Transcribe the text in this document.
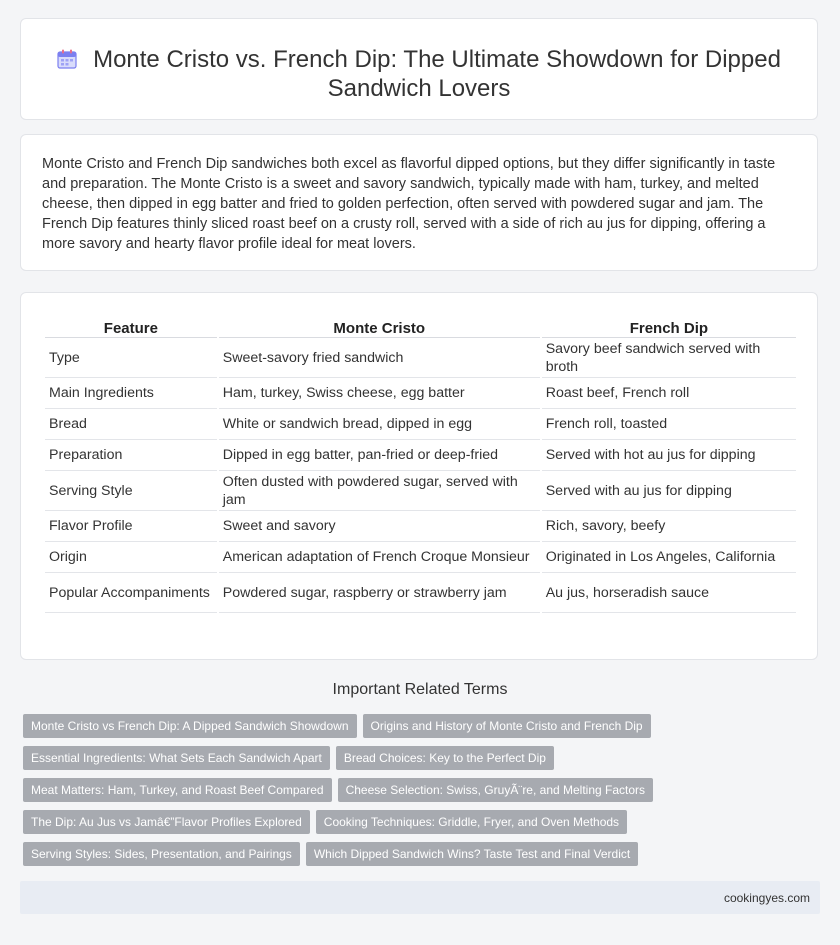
Monte Cristo vs. French Dip: The Ultimate Showdown for Dipped Sandwich Lovers
Monte Cristo and French Dip sandwiches both excel as flavorful dipped options, but they differ significantly in taste and preparation. The Monte Cristo is a sweet and savory sandwich, typically made with ham, turkey, and melted cheese, then dipped in egg batter and fried to golden perfection, often served with powdered sugar and jam. The French Dip features thinly sliced roast beef on a crusty roll, served with a side of rich au jus for dipping, offering a more savory and hearty flavor profile ideal for meat lovers.
Feature	Monte Cristo	French Dip
Type	Sweet-savory fried sandwich	Savory beef sandwich served with broth
Main Ingredients	Ham, turkey, Swiss cheese, egg batter	Roast beef, French roll
Bread	White or sandwich bread, dipped in egg	French roll, toasted
Preparation	Dipped in egg batter, pan-fried or deep-fried	Served with hot au jus for dipping
Serving Style	Often dusted with powdered sugar, served with jam	Served with au jus for dipping
Flavor Profile	Sweet and savory	Rich, savory, beefy
Origin	American adaptation of French Croque Monsieur	Originated in Los Angeles, California
Popular Accompaniments	Powdered sugar, raspberry or strawberry jam	Au jus, horseradish sauce
Important Related Terms
Monte Cristo vs French Dip: A Dipped Sandwich Showdown Origins and History of Monte Cristo and French Dip
Essential Ingredients: What Sets Each Sandwich Apart Bread Choices: Key to the Perfect Dip
Meat Matters: Ham, Turkey, and Roast Beef Compared Cheese Selection: Swiss, GruyÃ¨re, and Melting Factors
The Dip: Au Jus vs Jamâ€”Flavor Profiles Explored Cooking Techniques: Griddle, Fryer, and Oven Methods
Serving Styles: Sides, Presentation, and Pairings Which Dipped Sandwich Wins? Taste Test and Final Verdict
cookingyes.com
